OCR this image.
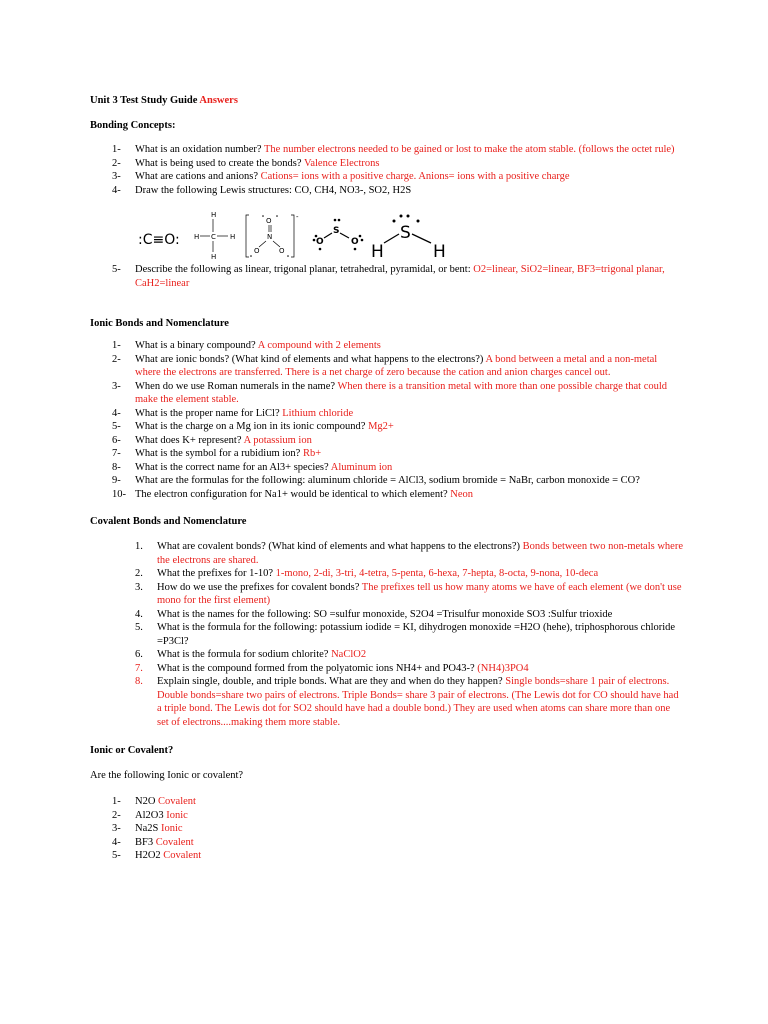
Unit 3 Test Study Guide Answers
Bonding Concepts:
1- What is an oxidation number? The number electrons needed to be gained or lost to make the atom stable. (follows the octet rule)
2- What is being used to create the bonds? Valence Electrons
3- What are cations and anions? Cations= ions with a positive charge. Anions= ions with a positive charge
4- Draw the following Lewis structures: CO, CH4, NO3-, SO2, H2S
:C≡O:
H
H C H
H
-
O
N
O	O
S
O	O S
H	H
5- Describe the following as linear, trigonal planar, tetrahedral, pyramidal, or bent: O2=linear, SiO2=linear, BF3=trigonal planar, CaH2=linear
Ionic Bonds and Nomenclature
1- What is a binary compound? A compound with 2 elements
2- What are ionic bonds? (What kind of elements and what happens to the electrons?) A bond between a metal and a non-metal where the electrons are transferred. There is a net charge of zero because the cation and anion charges cancel out.
3- When do we use Roman numerals in the name? When there is a transition metal with more than one possible charge that could make the element stable.
4- What is the proper name for LiCl? Lithium chloride
5- What is the charge on a Mg ion in its ionic compound? Mg2+
6- What does K+ represent? A potassium ion
7- What is the symbol for a rubidium ion? Rb+
8- What is the correct name for an Al3+ species? Aluminum ion
9- What are the formulas for the following: aluminum chloride = AlCl3, sodium bromide = NaBr, carbon monoxide = CO?
10- The electron configuration for Na1+ would be identical to which element? Neon
Covalent Bonds and Nomenclature
1. What are covalent bonds? (What kind of elements and what happens to the electrons?) Bonds between two non-metals where the electrons are shared.
2. What the prefixes for 1-10? 1-mono, 2-di, 3-tri, 4-tetra, 5-penta, 6-hexa, 7-hepta, 8-octa, 9-nona, 10-deca
3. How do we use the prefixes for covalent bonds? The prefixes tell us how many atoms we have of each element (we don't use mono for the first element)
4. What is the names for the following: SO =sulfur monoxide, S2O4 =Trisulfur monoxide SO3 :Sulfur trioxide
5. What is the formula for the following: potassium iodide = KI, dihydrogen monoxide =H2O (hehe), triphosphorous chloride =P3Cl?
6. What is the formula for sodium chlorite? NaClO2
7. What is the compound formed from the polyatomic ions NH4+ and PO43-? (NH4)3PO4
8. Explain single, double, and triple bonds. What are they and when do they happen? Single bonds=share 1 pair of electrons. Double bonds=share two pairs of electrons. Triple Bonds= share 3 pair of electrons. (The Lewis dot for CO should have had a triple bond. The Lewis dot for SO2 should have had a double bond.) They are used when atoms can share more than one set of electrons....making them more stable.
Ionic or Covalent?
Are the following Ionic or covalent?
1- N2O Covalent
2- Al2O3 Ionic
3- Na2S Ionic
4- BF3 Covalent
5- H2O2 Covalent
